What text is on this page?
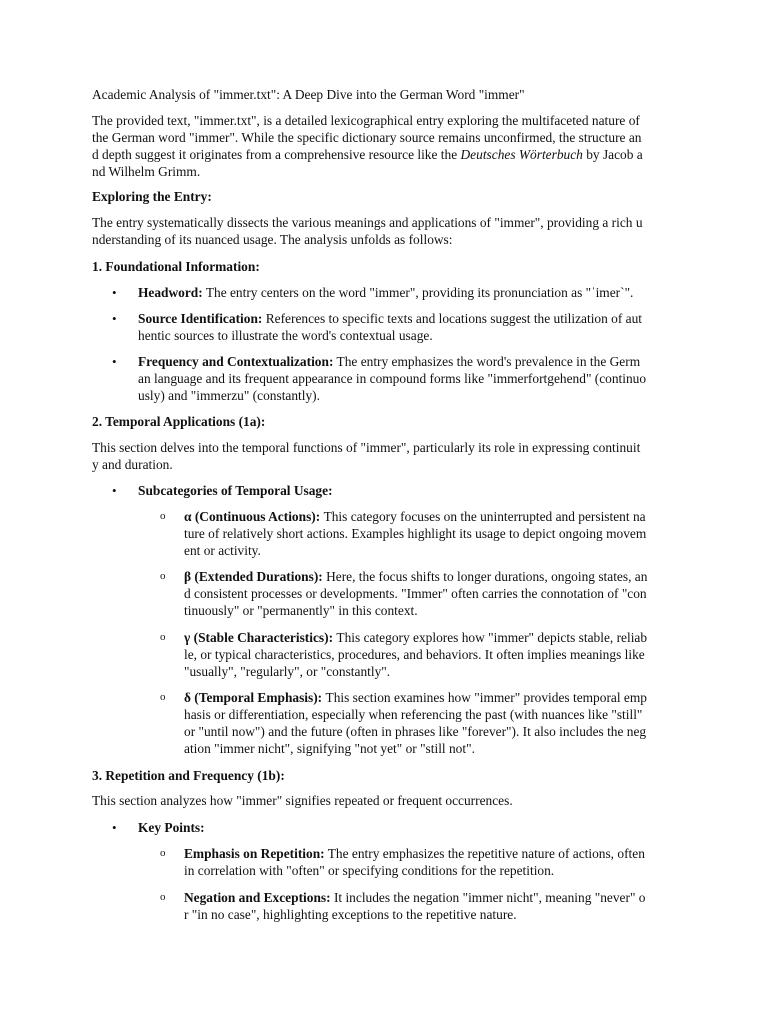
Academic Analysis of "immer.txt": A Deep Dive into the German Word "immer"
The provided text, "immer.txt", is a detailed lexicographical entry exploring the multifaceted nature of
the German word "immer". While the specific dictionary source remains unconfirmed, the structure an
d depth suggest it originates from a comprehensive resource like the Deutsches Wörterbuch by Jacob a
nd Wilhelm Grimm.
Exploring the Entry:
The entry systematically dissects the various meanings and applications of "immer", providing a rich u
nderstanding of its nuanced usage. The analysis unfolds as follows:
1. Foundational Information:
•	Headword: The entry centers on the word "immer", providing its pronunciation as "ˈimer`".
•	Source Identification: References to specific texts and locations suggest the utilization of aut
hentic sources to illustrate the word's contextual usage.
•	Frequency and Contextualization: The entry emphasizes the word's prevalence in the Germ
an language and its frequent appearance in compound forms like "immerfortgehend" (continuo
usly) and "immerzu" (constantly).
2. Temporal Applications (1a):
This section delves into the temporal functions of "immer", particularly its role in expressing continuit
y and duration.
•	Subcategories of Temporal Usage:
o	α (Continuous Actions): This category focuses on the uninterrupted and persistent na
ture of relatively short actions. Examples highlight its usage to depict ongoing movem
ent or activity.
o	β (Extended Durations): Here, the focus shifts to longer durations, ongoing states, an
d consistent processes or developments. "Immer" often carries the connotation of "con
tinuously" or "permanently" in this context.
o	γ (Stable Characteristics): This category explores how "immer" depicts stable, reliab
le, or typical characteristics, procedures, and behaviors. It often implies meanings like
"usually", "regularly", or "constantly".
o	δ (Temporal Emphasis): This section examines how "immer" provides temporal emp
hasis or differentiation, especially when referencing the past (with nuances like "still"
or "until now") and the future (often in phrases like "forever"). It also includes the neg
ation "immer nicht", signifying "not yet" or "still not".
3. Repetition and Frequency (1b):
This section analyzes how "immer" signifies repeated or frequent occurrences.
•	Key Points:
o	Emphasis on Repetition: The entry emphasizes the repetitive nature of actions, often
in correlation with "often" or specifying conditions for the repetition.
o	Negation and Exceptions: It includes the negation "immer nicht", meaning "never" o
r "in no case", highlighting exceptions to the repetitive nature.
